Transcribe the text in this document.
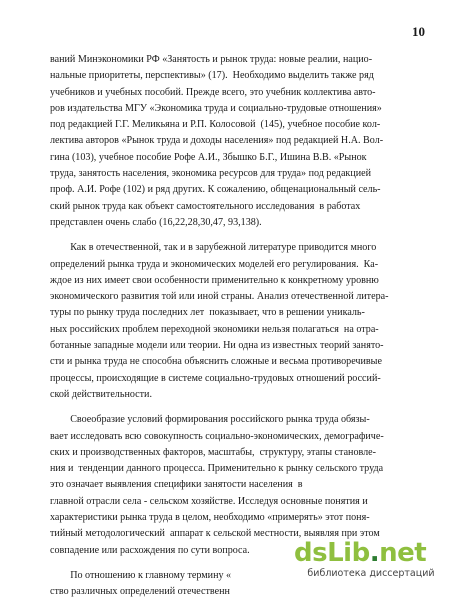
10
ваний Минэкономики РФ «Занятость и рынок труда: новые реалии, нацио-
нальные приоритеты, перспективы» (17).  Необходимо выделить также ряд
учебников и учебных пособий. Прежде всего, это учебник коллектива авто-
ров издательства МГУ «Экономика труда и социально-трудовые отношения»
под редакцией Г.Г. Меликьяна и Р.П. Колосовой  (145), учебное пособие кол-
лектива авторов «Рынок труда и доходы населения» под редакцией Н.А. Вол-
гина (103), учебное пособие Рофе А.И., Збышко Б.Г., Ишина В.В. «Рынок
труда, занятость населения, экономика ресурсов для труда» под редакцией
проф. А.И. Рофе (102) и ряд других. К сожалению, общенациональный сель-
ский рынок труда как объект самостоятельного исследования  в работах
представлен очень слабо (16,22,28,30,47, 93,138).
Как в отечественной, так и в зарубежной литературе приводится много
определений рынка труда и экономических моделей его регулирования.  Ка-
ждое из них имеет свои особенности применительно к конкретному уровню
экономического развития той или иной страны. Анализ отечественной литера-
туры по рынку труда последних лет  показывает, что в решении уникаль-
ных российских проблем переходной экономики нельзя полагаться  на отра-
ботанные западные модели или теории. Ни одна из известных теорий занято-
сти и рынка труда не способна объяснить сложные и весьма противоречивые
процессы, происходящие в системе социально-трудовых отношений россий-
ской действительности.
Своеобразие условий формирования российского рынка труда обязы-
вает исследовать всю совокупность социально-экономических, демографиче-
ских и производственных факторов, масштабы,  структуру, этапы становле-
ния и  тенденции данного процесса. Применительно к рынку сельского труда
это означает выявления специфики занятости населения  в
главной отрасли села - сельском хозяйстве. Исследуя основные понятия и
характеристики рынка труда в целом, необходимо «примерять» этот поня-
тийный методологический  аппарат к сельской местности, выявляя при этом
совпадение или расхождения по сути вопроса.
По отношению к главному термину «
ство различных определений отечественн
dsLib.net
библиотека диссертаций
